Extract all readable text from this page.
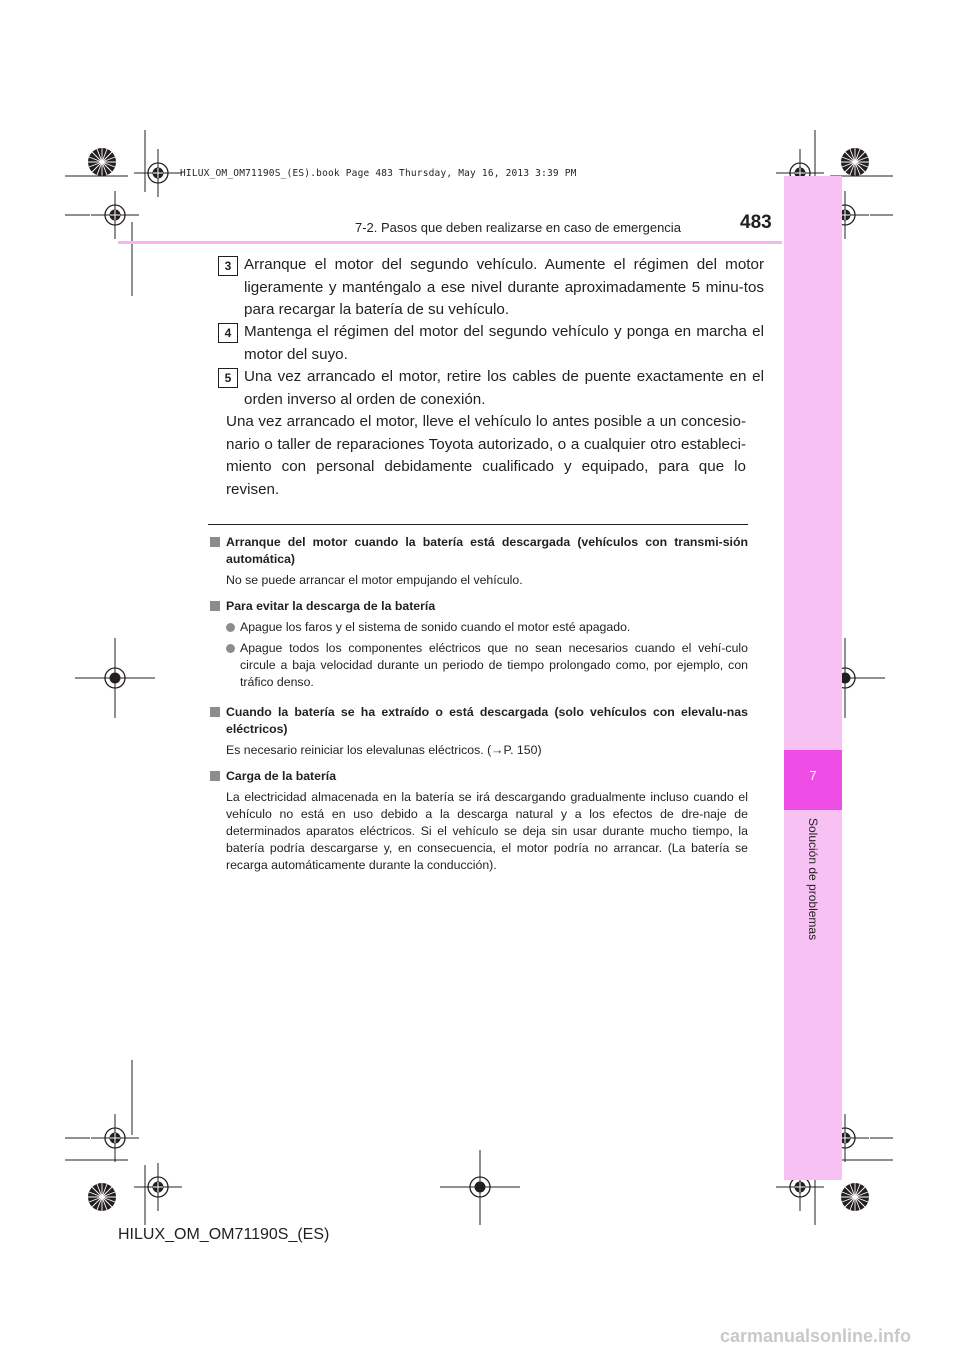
HILUX_OM_OM71190S_(ES).book Page 483 Thursday, May 16, 2013 3:39 PM
7-2. Pasos que deben realizarse en caso de emergencia	483
7
Solución de problemas
3 Arranque el motor del segundo vehículo. Aumente el régimen del motor ligeramente y manténgalo a ese nivel durante aproximadamente 5 minu-tos para recargar la batería de su vehículo.
4 Mantenga el régimen del motor del segundo vehículo y ponga en marcha el motor del suyo.
5 Una vez arrancado el motor, retire los cables de puente exactamente en el orden inverso al orden de conexión.
Una vez arrancado el motor, lleve el vehículo lo antes posible a un concesio-nario o taller de reparaciones Toyota autorizado, o a cualquier otro estableci-miento con personal debidamente cualificado y equipado, para que lo revisen.
Arranque del motor cuando la batería está descargada (vehículos con transmi-sión automática)
No se puede arrancar el motor empujando el vehículo.
Para evitar la descarga de la batería
Apague los faros y el sistema de sonido cuando el motor esté apagado.
Apague todos los componentes eléctricos que no sean necesarios cuando el vehí-culo circule a baja velocidad durante un periodo de tiempo prolongado como, por ejemplo, con tráfico denso.
Cuando la batería se ha extraído o está descargada (solo vehículos con elevalu-nas eléctricos)
Es necesario reiniciar los elevalunas eléctricos. (→P. 150)
Carga de la batería
La electricidad almacenada en la batería se irá descargando gradualmente incluso cuando el vehículo no está en uso debido a la descarga natural y a los efectos de dre-naje de determinados aparatos eléctricos. Si el vehículo se deja sin usar durante mucho tiempo, la batería podría descargarse y, en consecuencia, el motor podría no arrancar. (La batería se recarga automáticamente durante la conducción).
HILUX_OM_OM71190S_(ES)
carmanualsonline.info
